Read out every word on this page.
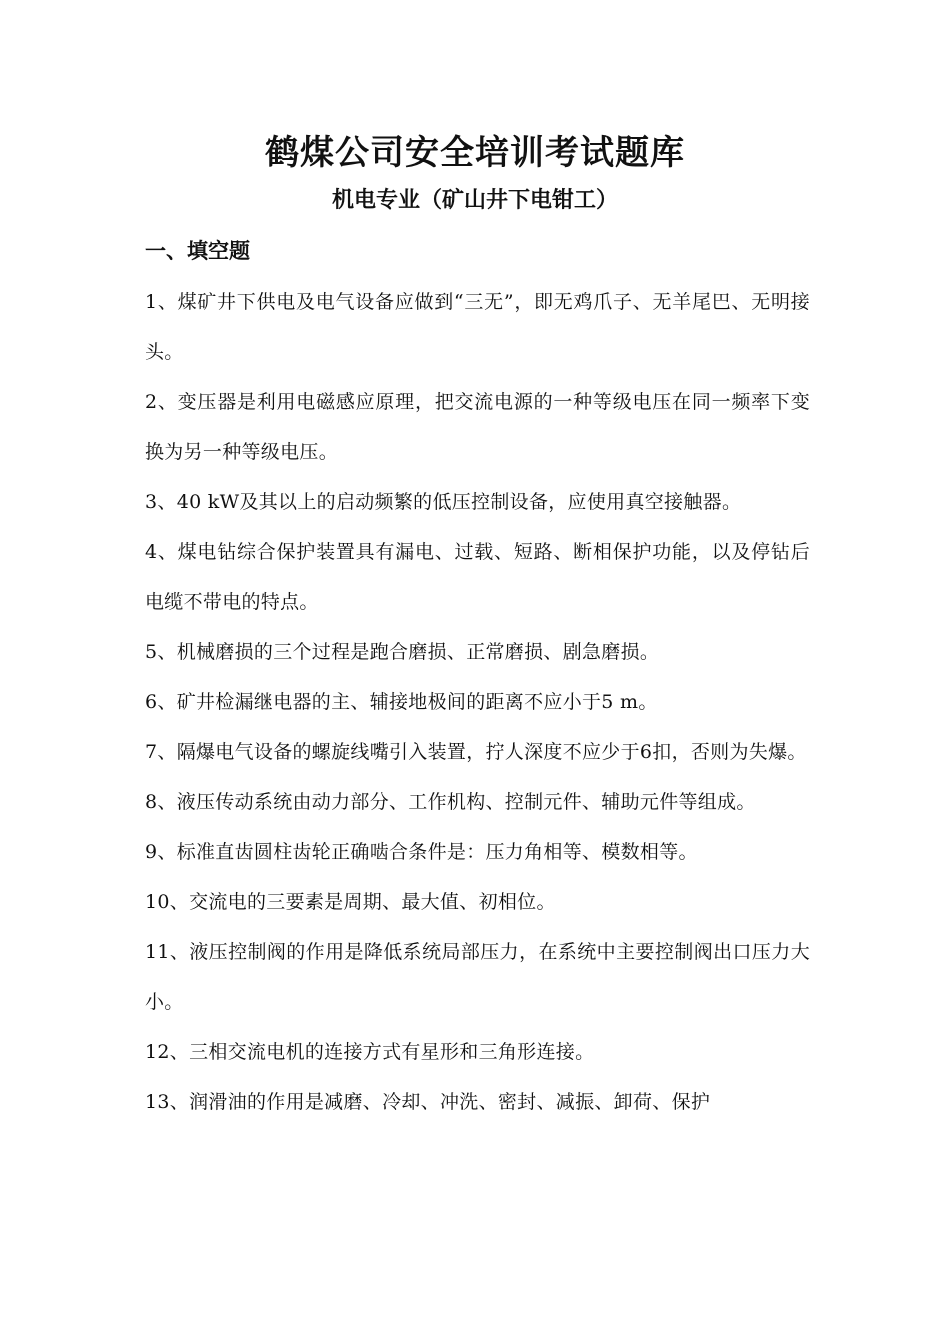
鹤煤公司安全培训考试题库
机电专业（矿山井下电钳工）
一、填空题
1、煤矿井下供电及电气设备应做到“三无”，即无鸡爪子、无羊尾巴、无明接头。
2、变压器是利用电磁感应原理，把交流电源的一种等级电压在同一频率下变换为另一种等级电压。
3、40 kW及其以上的启动频繁的低压控制设备，应使用真空接触器。
4、煤电钻综合保护装置具有漏电、过载、短路、断相保护功能，以及停钻后电缆不带电的特点。
5、机械磨损的三个过程是跑合磨损、正常磨损、剧急磨损。
6、矿井检漏继电器的主、辅接地极间的距离不应小于5 m。
7、隔爆电气设备的螺旋线嘴引入装置，拧人深度不应少于6扣，否则为失爆。
8、液压传动系统由动力部分、工作机构、控制元件、辅助元件等组成。
9、标准直齿圆柱齿轮正确啮合条件是：压力角相等、模数相等。
10、交流电的三要素是周期、最大值、初相位。
11、液压控制阀的作用是降低系统局部压力，在系统中主要控制阀出口压力大小。
12、三相交流电机的连接方式有星形和三角形连接。
13、润滑油的作用是减磨、冷却、冲洗、密封、减振、卸荷、保护
